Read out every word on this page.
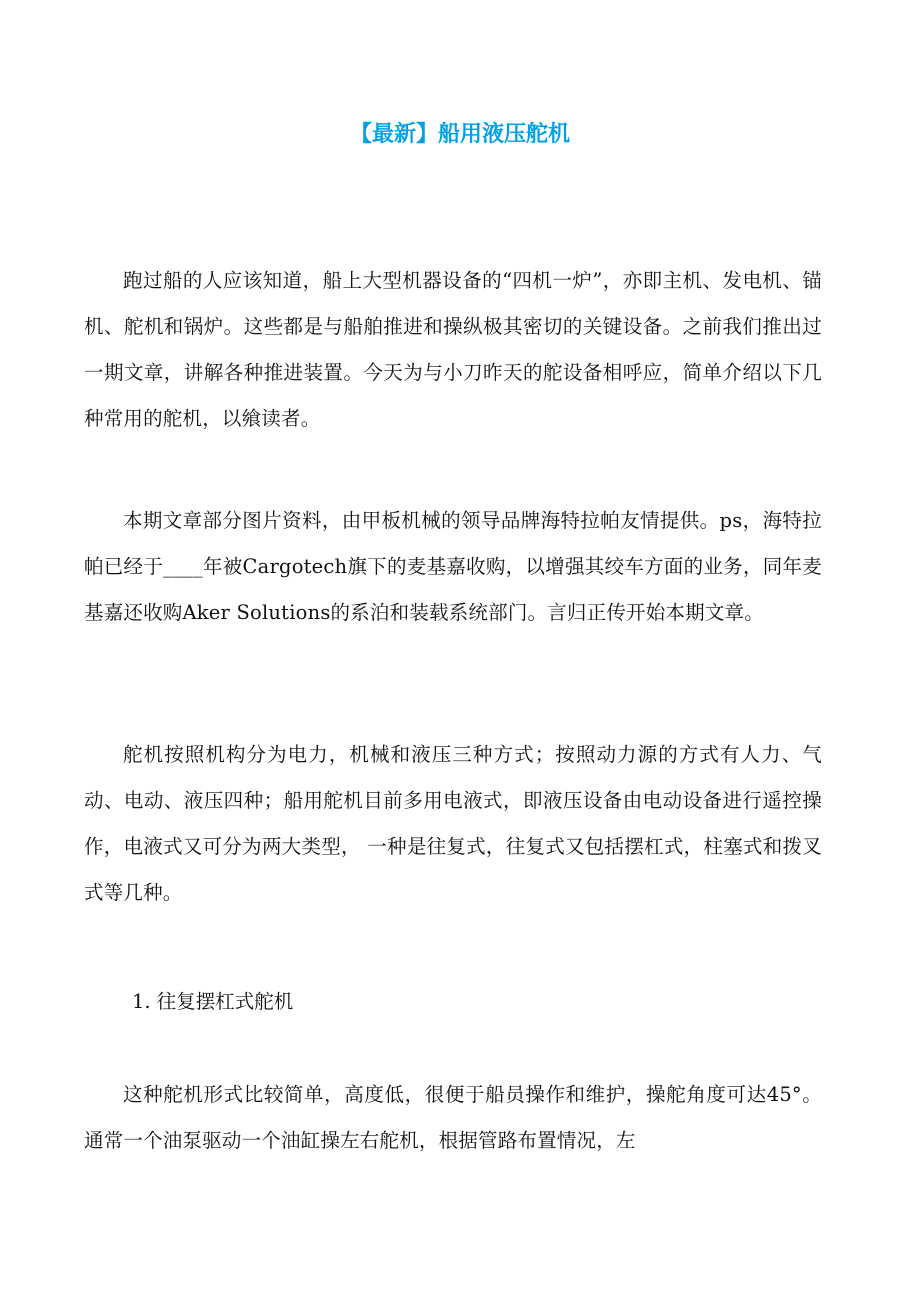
【最新】船用液压舵机

跑过船的人应该知道，船上大型机器设备的“四机一炉”，亦即主机、发电机、锚机、舵机和锅炉。这些都是与船舶推进和操纵极其密切的关键设备。之前我们推出过一期文章，讲解各种推进装置。今天为与小刀昨天的舵设备相呼应，简单介绍以下几种常用的舵机，以飨读者。

本期文章部分图片资料，由甲板机械的领导品牌海特拉帕友情提供。ps，海特拉帕已经于____年被Cargotech旗下的麦基嘉收购，以增强其绞车方面的业务，同年麦基嘉还收购Aker Solutions的系泊和装载系统部门。言归正传开始本期文章。

舵机按照机构分为电力，机械和液压三种方式；按照动力源的方式有人力、气动、电动、液压四种；船用舵机目前多用电液式，即液压设备由电动设备进行遥控操作，电液式又可分为两大类型， 一种是往复式，往复式又包括摆杠式，柱塞式和拨叉式等几种。

1. 往复摆杠式舵机

这种舵机形式比较简单，高度低，很便于船员操作和维护，操舵角度可达45°。通常一个油泵驱动一个油缸操左右舵机，根据管路布置情况，左
